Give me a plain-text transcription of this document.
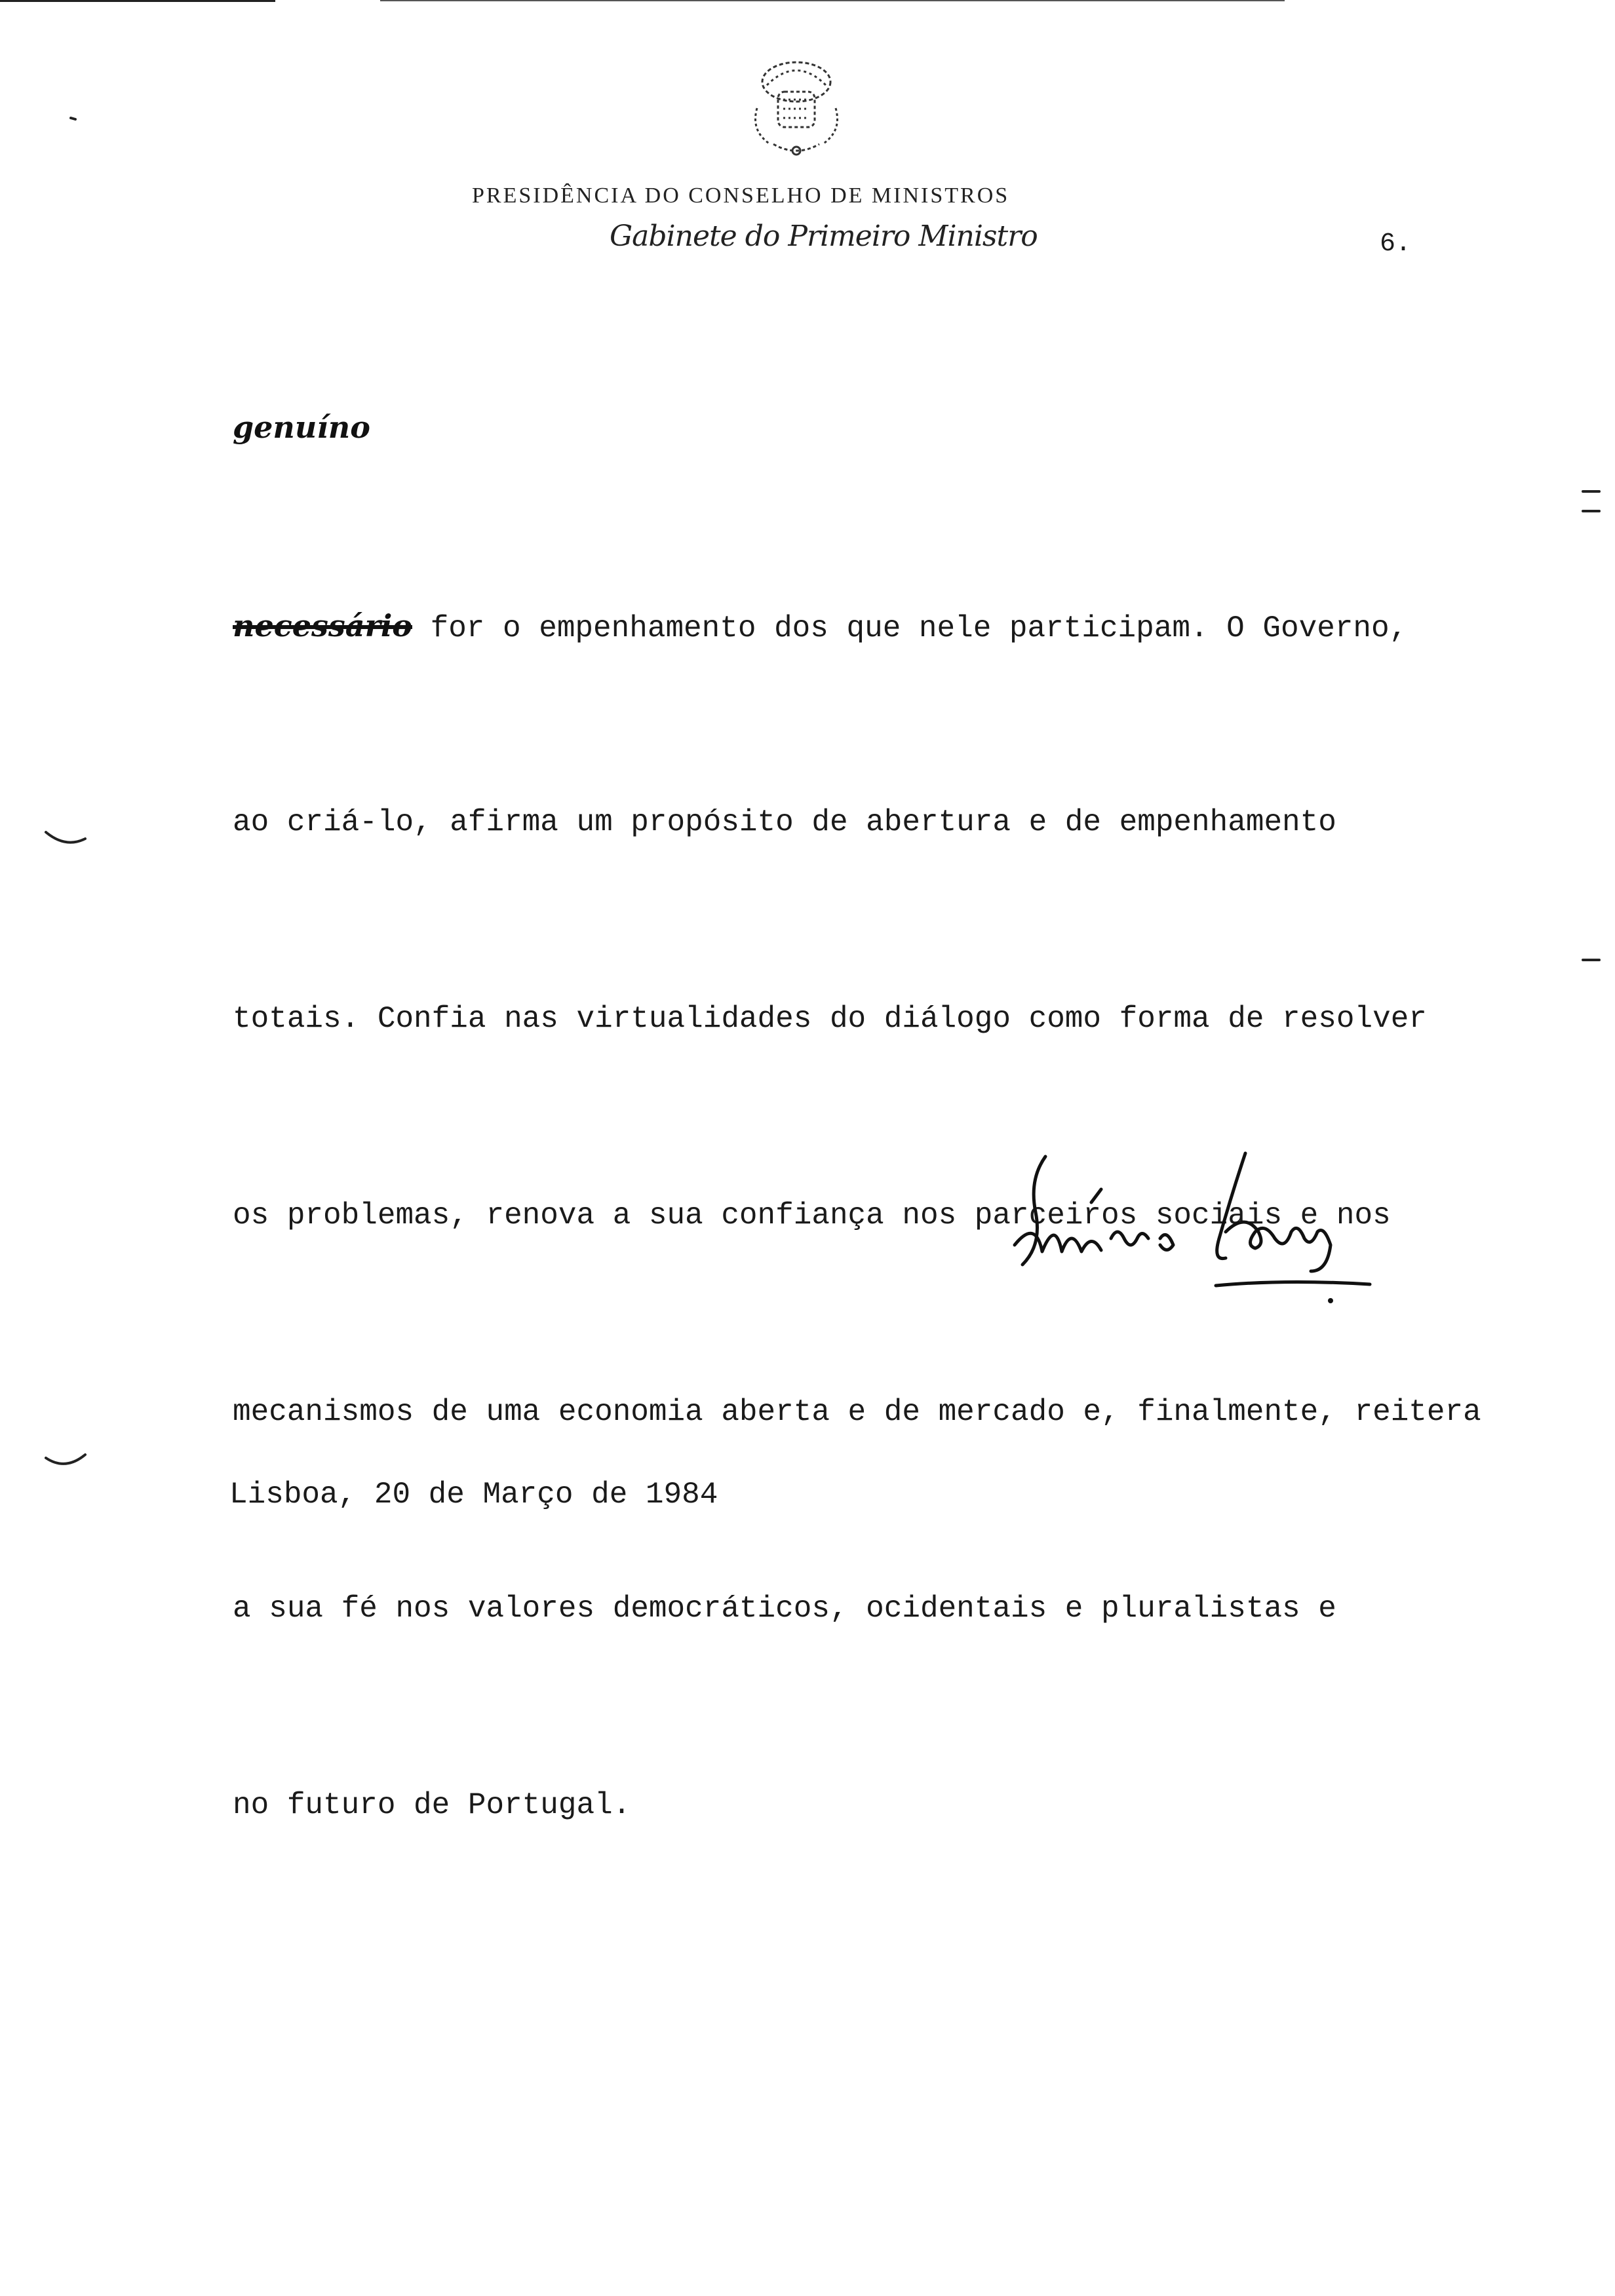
PRESIDÊNCIA DO CONSELHO DE MINISTROS
Gabinete do Primeiro Ministro	6.
genuíno

necessário for o empenhamento dos que nele participam. O Governo,

ao criá-lo, afirma um propósito de abertura e de empenhamento

totais. Confia nas virtualidades do diálogo como forma de resolver

os problemas, renova a sua confiança nos parceiros sociais e nos

mecanismos de uma economia aberta e de mercado e, finalmente, reitera

a sua fé nos valores democráticos, ocidentais e pluralistas e

no futuro de Portugal.

Lisboa, 20 de Março de 1984
